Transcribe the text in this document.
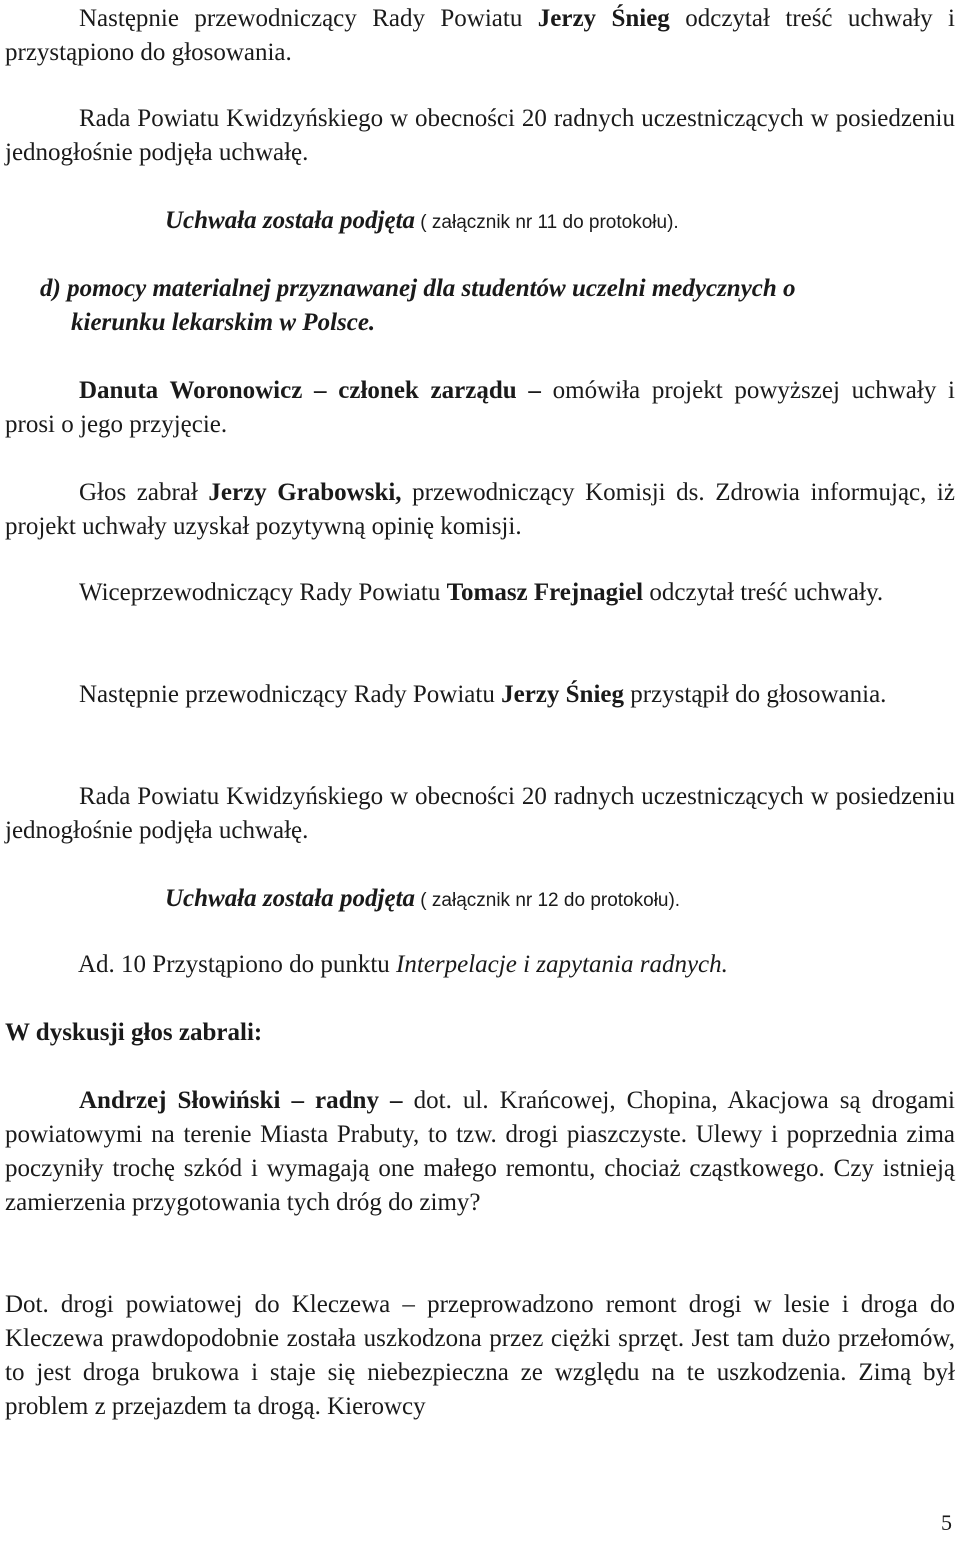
Następnie przewodniczący Rady Powiatu Jerzy Śnieg odczytał treść uchwały i przystąpiono do głosowania.

Rada Powiatu Kwidzyńskiego w obecności 20 radnych uczestniczących w posiedzeniu jednogłośnie podjęła uchwałę.

Uchwała została podjęta ( załącznik nr 11 do protokołu).

d) pomocy materialnej przyznawanej dla studentów uczelni medycznych o
kierunku lekarskim w Polsce.

Danuta Woronowicz – członek zarządu – omówiła projekt powyższej uchwały i prosi o jego przyjęcie.

Głos zabrał Jerzy Grabowski, przewodniczący Komisji ds. Zdrowia informując, iż projekt uchwały uzyskał pozytywną opinię komisji.

Wiceprzewodniczący Rady Powiatu Tomasz Frejnagiel odczytał treść uchwały.

Następnie przewodniczący Rady Powiatu Jerzy Śnieg przystąpił do głosowania.

Rada Powiatu Kwidzyńskiego w obecności 20 radnych uczestniczących w posiedzeniu jednogłośnie podjęła uchwałę.

Uchwała została podjęta ( załącznik nr 12 do protokołu).

Ad. 10 Przystąpiono do punktu Interpelacje i zapytania radnych.

W dyskusji głos zabrali:

Andrzej Słowiński – radny – dot. ul. Krańcowej, Chopina, Akacjowa są drogami powiatowymi na terenie Miasta Prabuty, to tzw. drogi piaszczyste. Ulewy i poprzednia zima poczyniły trochę szkód i wymagają one małego remontu, chociaż cząstkowego. Czy istnieją zamierzenia przygotowania tych dróg do zimy?

Dot. drogi powiatowej do Kleczewa – przeprowadzono remont drogi w lesie i droga do Kleczewa prawdopodobnie została uszkodzona przez ciężki sprzęt. Jest tam dużo przełomów, to jest droga brukowa i staje się niebezpieczna ze względu na te uszkodzenia. Zimą był problem z przejazdem ta drogą. Kierowcy

5
